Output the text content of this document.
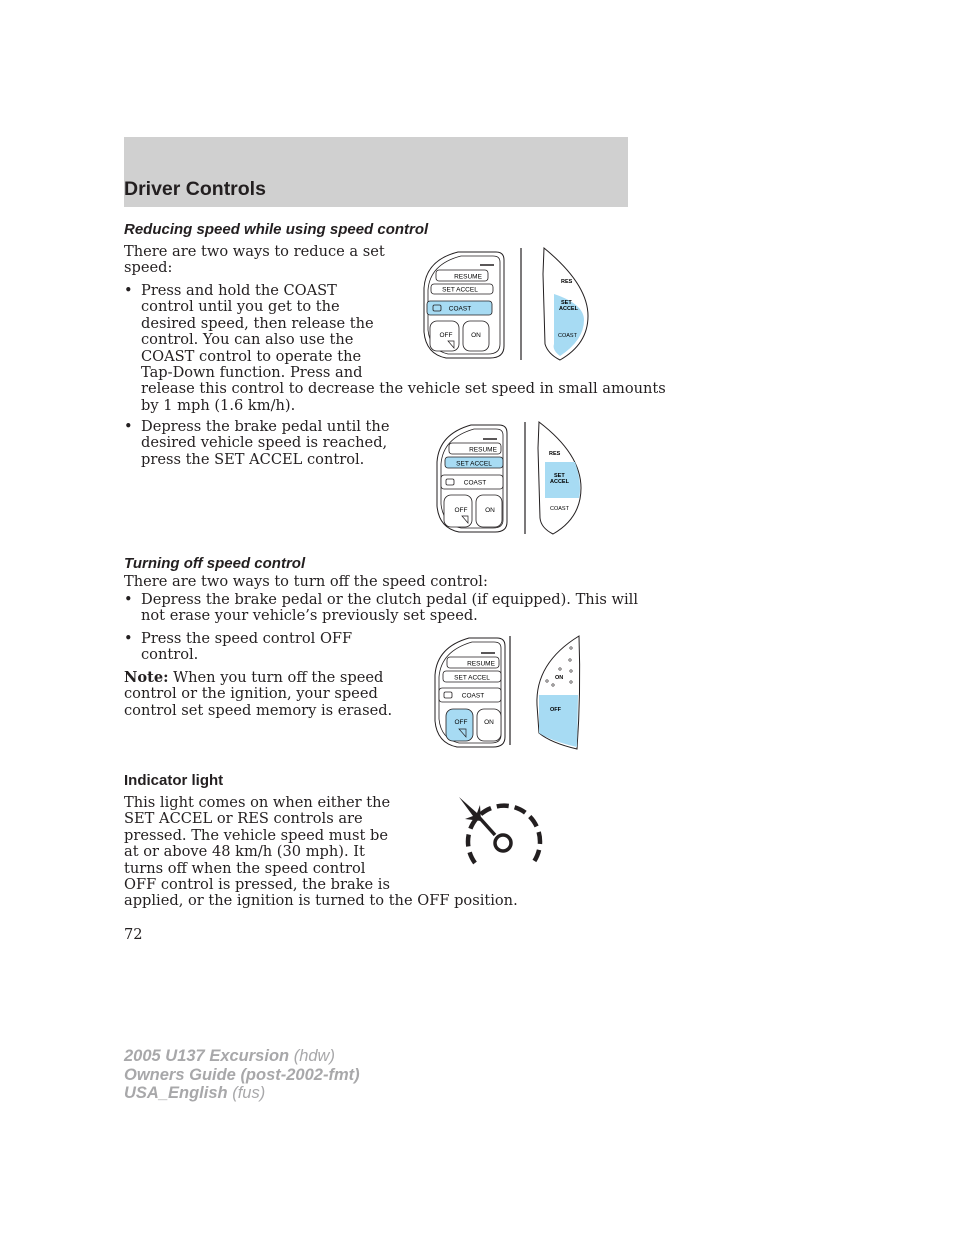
Driver Controls
Reducing speed while using speed control
There are two ways to reduce a set
speed:
• Press and hold the COAST
control until you get to the
desired speed, then release the
control. You can also use the
COAST control to operate the
Tap-Down function. Press and
release this control to decrease the vehicle set speed in small amounts
by 1 mph (1.6 km/h).
• Depress the brake pedal until the
desired vehicle speed is reached,
press the SET ACCEL control.
Turning off speed control
There are two ways to turn off the speed control:
• Depress the brake pedal or the clutch pedal (if equipped). This will
not erase your vehicle’s previously set speed.
• Press the speed control OFF
control.
Note: When you turn off the speed
control or the ignition, your speed
control set speed memory is erased.
Indicator light
This light comes on when either the
SET ACCEL or RES controls are
pressed. The vehicle speed must be
at or above 48 km/h (30 mph). It
turns off when the speed control
OFF control is pressed, the brake is
applied, or the ignition is turned to the OFF position.
RESUME
SET ACCEL
COAST
OFF	ON
RES
SET
ACCEL
COAST
RESUME
SET ACCEL
COAST
OFF	ON
RES
SET
ACCEL
COAST
RESUME
SET ACCEL
COAST
OFF	ON
ON
OFF
72
2005 U137 Excursion (hdw)
Owners Guide (post-2002-fmt)
USA_English (fus)
